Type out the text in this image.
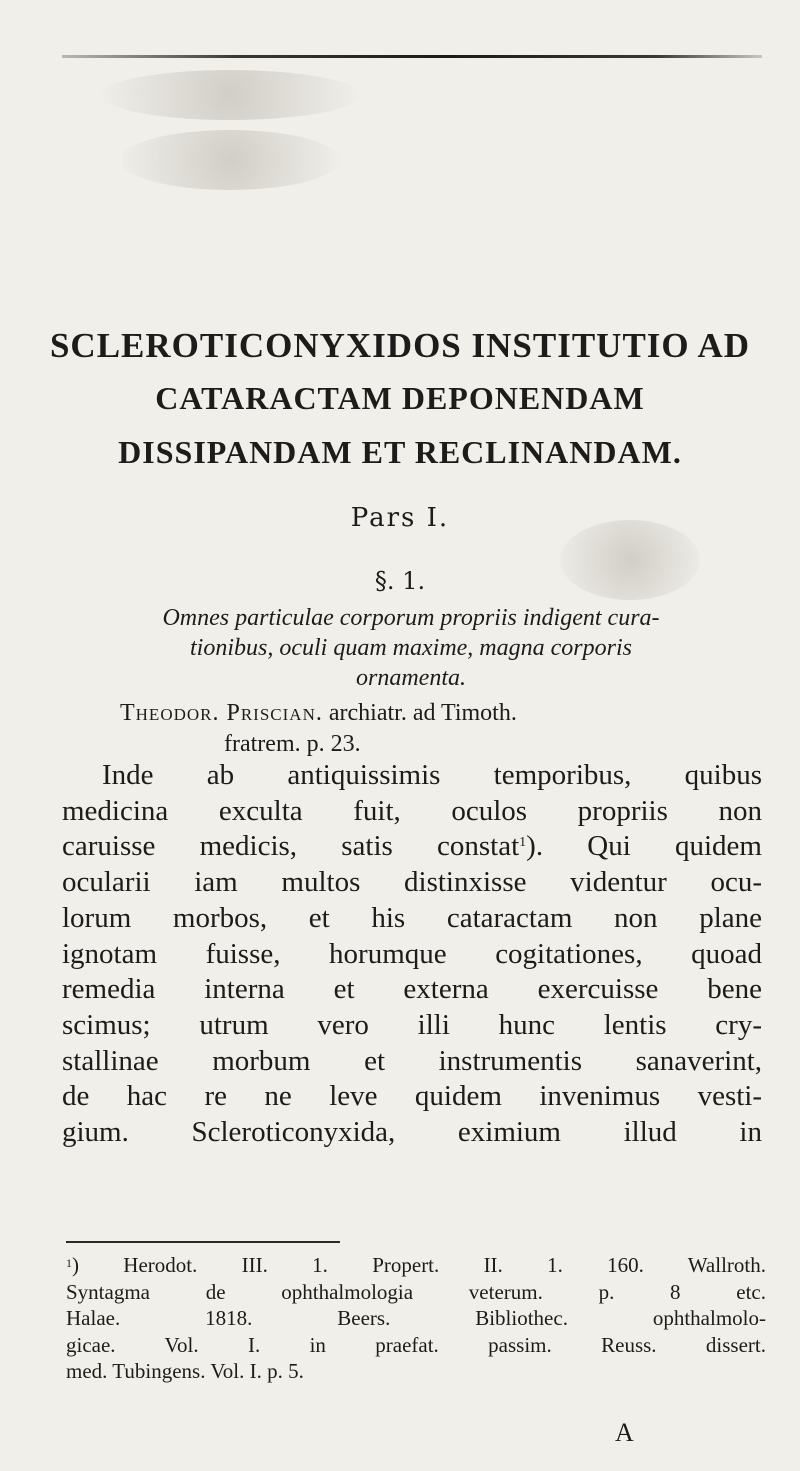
SCLEROTICONYXIDOS INSTITUTIO AD
CATARACTAM DEPONENDAM
DISSIPANDAM ET RECLINANDAM.
Pars I.
§. 1.
Omnes particulae corporum propriis indigent cura-
tionibus, oculi quam maxime, magna corporis
ornamenta.
Theodor. Priscian. archiatr. ad Timoth.
fratrem. p. 23.
Inde ab antiquissimis temporibus, quibus
medicina exculta fuit, oculos propriis non
caruisse medicis, satis constat$^1$). Qui quidem
ocularii iam multos distinxisse videntur ocu-
lorum morbos, et his cataractam non plane
ignotam fuisse, horumque cogitationes, quoad
remedia interna et externa exercuisse bene
scimus; utrum vero illi hunc lentis cry-
stallinae morbum et instrumentis sanaverint,
de hac re ne leve quidem invenimus vesti-
gium. Scleroticonyxida, eximium illud in
$^1$) Herodot. III. 1. Propert. II. 1. 160. Wallroth.
Syntagma de ophthalmologia veterum. p. 8 etc.
Halae. 1818. Beers. Bibliothec. ophthalmolo-
gicae. Vol. I. in praefat. passim. Reuss. dissert.
med. Tubingens. Vol. I. p. 5.
A
